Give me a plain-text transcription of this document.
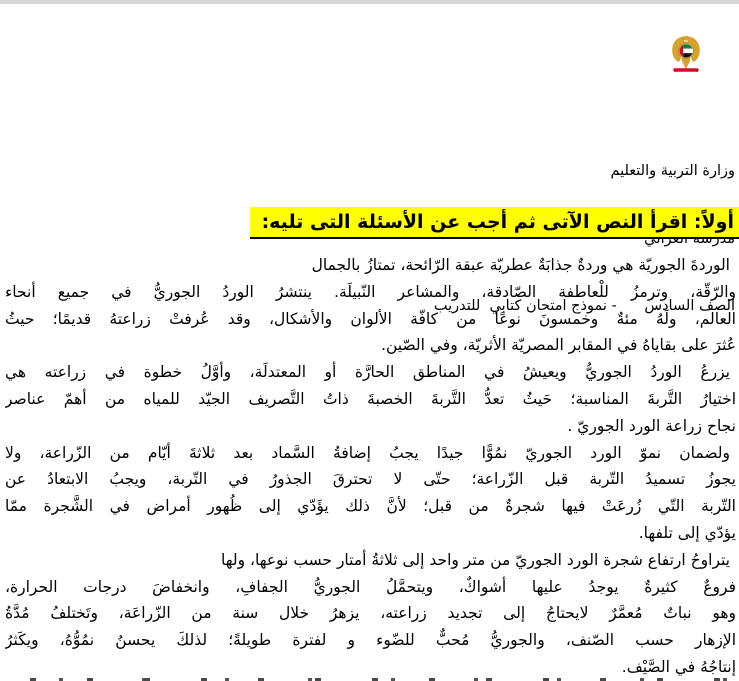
وزارة التربية والتعليم

الصف السادس      - نموذج امتحان كتابي  للتدريب

أولاً: اقرأ النص الآتى ثم أجب عن الأسئلة التى تليه:
الوردةَ الجوريّة هي وردةٌ جذابَةٌ عطريّة عبقة الرّائحة، تمتازُ بالجمال
والرّقّة، وترمزُ للْعاطفة الصّادقة، والمشاعر النّبيلَة. ينتشرُ الوردُ الجوريُّ في جميع أنحاء
العالم، ولَهُ مئةٌ وخمسونَ نوعًا من كافّة الألوان والأشكال، وقد عُرفتْ زراعتهُ قديمًا؛ حيثُ
عُثرَ على بقاياهُ في المقابر المصريّة الأثريّة، وفي الصّين.
يزرعُ الوردُ الجوريُّ ويعيشُ في المناطق الحارَّة أو المعتدلَة، وأوَّلُ خطوة في زراعته هي
اختيارُ التَّربةَ المناسبة؛ حَيثُ تعدُّ التَّربةَ الخصبةَ ذاتُ التَّصريف الجيّد للمياه من أهمّ عناصر
نجاح زراعة الورد الجوريّ .
ولضمان نموّ الورد الجوريّ نمُوًّا جيدًا يجبُ إضافةُ السَّماد بعد ثلاثةَ أيّام من الزّراعة، ولا
يجوزُ تسميدُ التّربة قبل الزّراعة؛ حتّى لا تحترقَ الجذورُ في التّربة، ويجبُ الابتعادُ عن
التّربة التّي زُرعَتْ فيها شجرةٌ من قبل؛ لأنَّ ذلك يؤَدّي إلى ظُهور أمراض في الشَّجرة ممّا
يؤدّي إلى تلفها.
يتراوحُ ارتفاع شجرة الورد الجوريّ من متر واحد إلى ثلاثةُ أمتار حسب نوعها، ولها
فروعٌ كثيرةٌ يوجدُ عليها أشواكٌ، ويتحمَّلُ الجوريُّ الجفافِ، وانخفاضَ درجات الحرارة،
وهو نباتٌ مُعمَّرٌ لايحتاجُ إلى تجديد زراعته، يزهرُ خلال سنة من الزّراعَة، وتَختلفُ مُدَّةُ
الإزهار حسب الصّنف، والجوريُّ مُحبٌّ للضّوء و لفترة طويلةً؛ لذلكَ يحسنُ نمُوُّهُ، ويكَثرُ
إنتاجُهُ في الصَّيْف.
